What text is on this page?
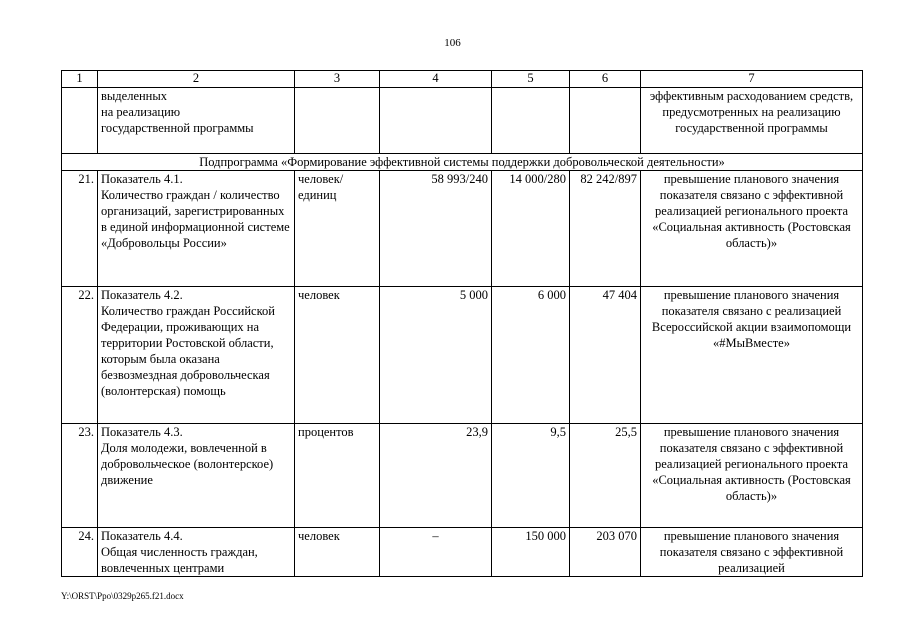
106
1	2	3	4	5	6	7
	выделенных
на реализацию
государственной программы					эффективным расходованием средств, предусмотренных на реализацию государственной программы
Подпрограмма «Формирование эффективной системы поддержки добровольческой деятельности»						
21.	Показатель 4.1.
Количество граждан / количество организаций, зарегистрированных
в единой информационной системе «Добровольцы России»	человек/
единиц	58 993/240	14 000/280	82 242/897	превышение планового значения показателя связано с эффективной реализацией регионального проекта «Социальная активность (Ростовская область)»
22.	Показатель 4.2.
Количество граждан Российской Федерации, проживающих на территории Ростовской области, которым была оказана безвозмездная добровольческая (волонтерская) помощь	человек	5 000	6 000	47 404	превышение планового значения показателя связано с реализацией Всероссийской акции взаимопомощи «#МыВместе»
23.	Показатель 4.3.
Доля молодежи, вовлеченной в добровольческое (волонтерское) движение	процентов	23,9	9,5	25,5	превышение планового значения показателя связано с эффективной реализацией регионального проекта «Социальная активность (Ростовская область)»
24.	Показатель 4.4.
Общая численность граждан, вовлеченных центрами	человек	–	150 000	203 070	превышение планового значения показателя связано с эффективной реализацией
Y:\ORST\Ppo\0329p265.f21.docx
